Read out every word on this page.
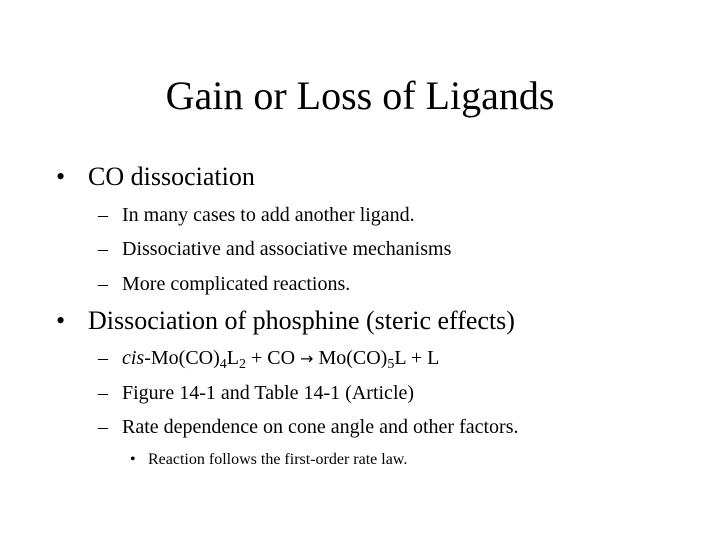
Gain or Loss of Ligands
• CO dissociation
– In many cases to add another ligand.
– Dissociative and associative mechanisms
– More complicated reactions.
• Dissociation of phosphine (steric effects)
– cis-$Mo(CO)_4L_2$ + CO → $Mo(CO)_5L + L$
– Figure 14-1 and Table 14-1 (Article)
– Rate dependence on cone angle and other factors.
• Reaction follows the first-order rate law.
